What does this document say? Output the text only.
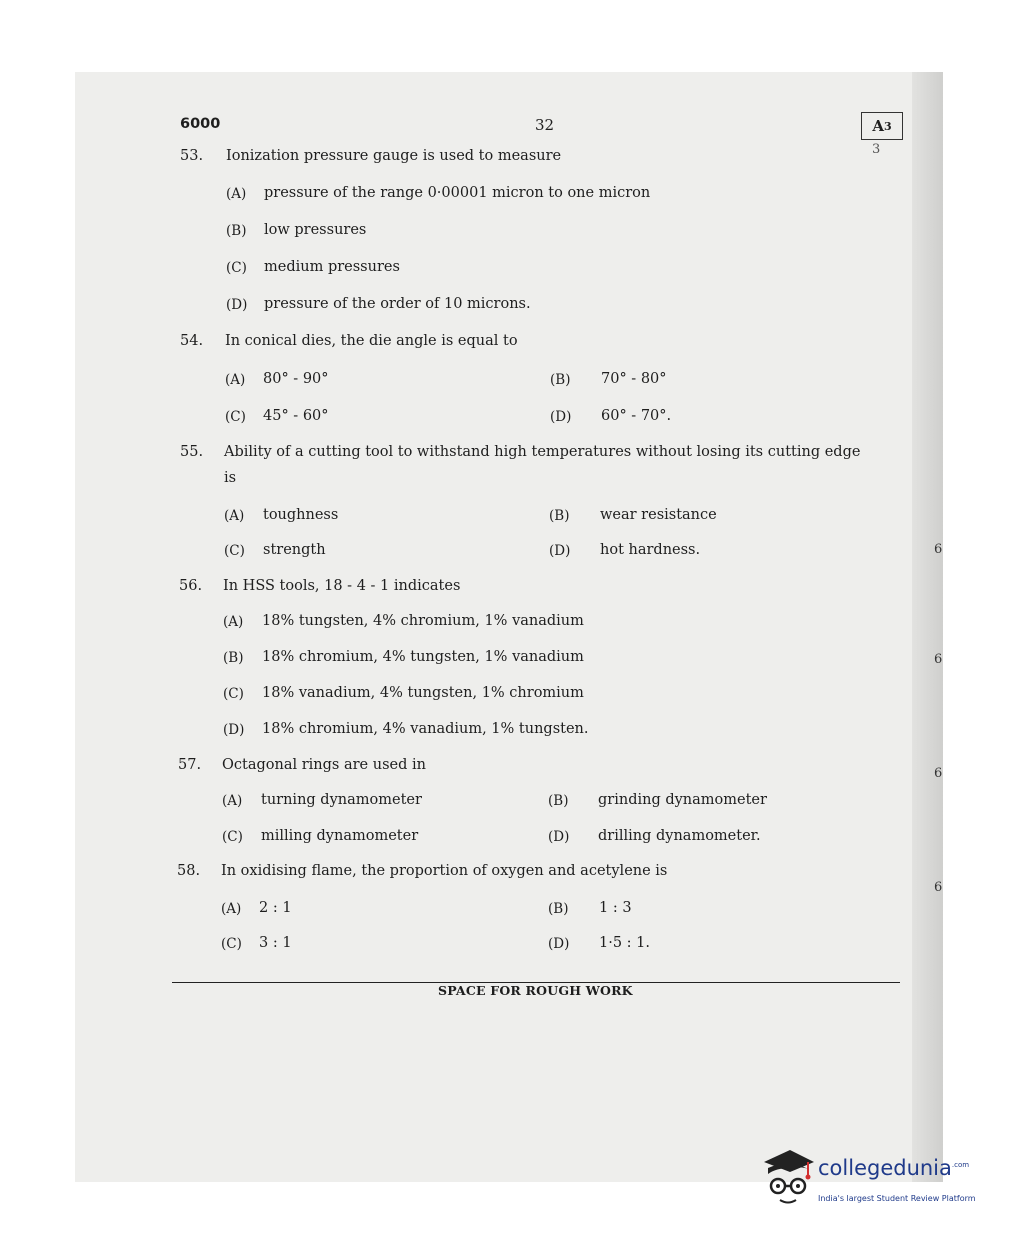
6000	32	A 3
3
53. Ionization pressure gauge is used to measure
(A) pressure of the range 0·00001 micron to one micron
(B) low pressures
(C) medium pressures
(D) pressure of the order of 10 microns.
54. In conical dies, the die angle is equal to
(A) 80° - 90°	(B) 70° - 80°
(C) 45° - 60°	(D) 60° - 70°.
55. Ability of a cutting tool to withstand high temperatures without losing its cutting edge
is
(A) toughness	(B) wear resistance
(C) strength	(D) hot hardness.
56. In HSS tools, 18 - 4 - 1 indicates
(A) 18% tungsten, 4% chromium, 1% vanadium
(B) 18% chromium, 4% tungsten, 1% vanadium
(C) 18% vanadium, 4% tungsten, 1% chromium
(D) 18% chromium, 4% vanadium, 1% tungsten.
57. Octagonal rings are used in
(A) turning dynamometer	(B) grinding dynamometer
(C) milling dynamometer	(D) drilling dynamometer.
58. In oxidising flame, the proportion of oxygen and acetylene is
(A) 2 : 1	(B) 1 : 3
(C) 3 : 1	(D) 1·5 : 1.
6
6
6
6
SPACE FOR ROUGH WORK
collegedunia$^{.com}$
India's largest Student Review Platform
